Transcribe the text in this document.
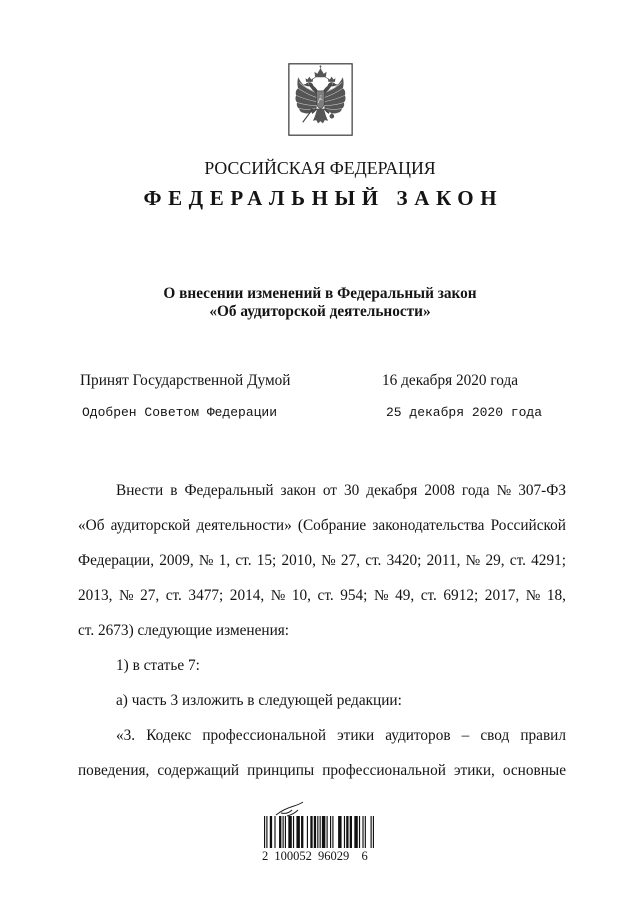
РОССИЙСКАЯ ФЕДЕРАЦИЯ
ФЕДЕРАЛЬНЫЙ ЗАКОН
О внесении изменений в Федеральный закон
«Об аудиторской деятельности»
Принят Государственной Думой	16 декабря 2020 года
Одобрен Советом Федерации	25 декабря 2020 года
Внести в Федеральный закон от 30 декабря 2008 года № 307-ФЗ
«Об аудиторской деятельности» (Собрание законодательства Российской
Федерации, 2009, № 1, ст. 15; 2010, № 27, ст. 3420; 2011, № 29, ст. 4291;
2013, № 27, ст. 3477; 2014, № 10, ст. 954; № 49, ст. 6912; 2017, № 18,
ст. 2673) следующие изменения:
1) в статье 7:
а) часть 3 изложить в следующей редакции:
«3. Кодекс профессиональной этики аудиторов – свод правил
поведения, содержащий принципы профессиональной этики, основные
2 100052 96029  6
